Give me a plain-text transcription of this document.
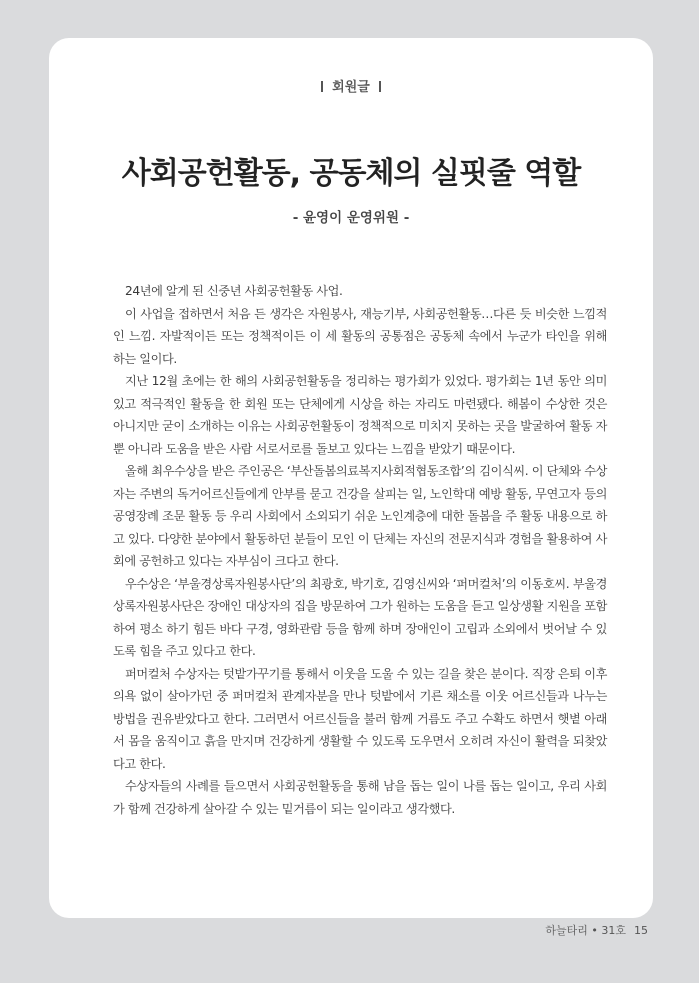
회원글
사회공헌활동, 공동체의 실핏줄 역할
- 윤영이 운영위원 -

24년에 알게 된 신중년 사회공헌활동 사업.

이 사업을 접하면서 처음 든 생각은 자원봉사, 재능기부, 사회공헌활동…다른 듯 비슷한 느낌적인 느낌. 자발적이든 또는 정책적이든 이 세 활동의 공통점은 공동체 속에서 누군가 타인을 위해 하는 일이다.

지난 12월 초에는 한 해의 사회공헌활동을 정리하는 평가회가 있었다. 평가회는 1년 동안 의미 있고 적극적인 활동을 한 회원 또는 단체에게 시상을 하는 자리도 마련됐다. 해봄이 수상한 것은 아니지만 굳이 소개하는 이유는 사회공헌활동이 정책적으로 미치지 못하는 곳을 발굴하여 활동 자뿐 아니라 도움을 받은 사람 서로서로를 돌보고 있다는 느낌을 받았기 때문이다.

올해 최우수상을 받은 주인공은 ‘부산돌봄의료복지사회적협동조합’의 김이식씨. 이 단체와 수상자는 주변의 독거어르신들에게 안부를 묻고 건강을 살피는 일, 노인학대 예방 활동, 무연고자 등의 공영장례 조문 활동 등 우리 사회에서 소외되기 쉬운 노인계층에 대한 돌봄을 주 활동 내용으로 하고 있다. 다양한 분야에서 활동하던 분들이 모인 이 단체는 자신의 전문지식과 경험을 활용하여 사회에 공헌하고 있다는 자부심이 크다고 한다.

우수상은 ‘부울경상록자원봉사단’의 최광호, 박기호, 김영신씨와 ‘퍼머컬처’의 이동호씨. 부울경상록자원봉사단은 장애인 대상자의 집을 방문하여 그가 원하는 도움을 듣고 일상생활 지원을 포함하여 평소 하기 힘든 바다 구경, 영화관람 등을 함께 하며 장애인이 고립과 소외에서 벗어날 수 있도록 힘을 주고 있다고 한다.

퍼머컬처 수상자는 텃밭가꾸기를 통해서 이웃을 도울 수 있는 길을 찾은 분이다. 직장 은퇴 이후 의욕 없이 살아가던 중 퍼머컬처 관계자분을 만나 텃밭에서 기른 채소를 이웃 어르신들과 나누는 방법을 권유받았다고 한다. 그러면서 어르신들을 불러 함께 거름도 주고 수확도 하면서 햇볕 아래서 몸을 움직이고 흙을 만지며 건강하게 생활할 수 있도록 도우면서 오히려 자신이 활력을 되찾았다고 한다.

수상자들의 사례를 들으면서 사회공헌활동을 통해 남을 돕는 일이 나를 돕는 일이고, 우리 사회가 함께 건강하게 살아갈 수 있는 밑거름이 되는 일이라고 생각했다.

하늘타리 • 31호 15
